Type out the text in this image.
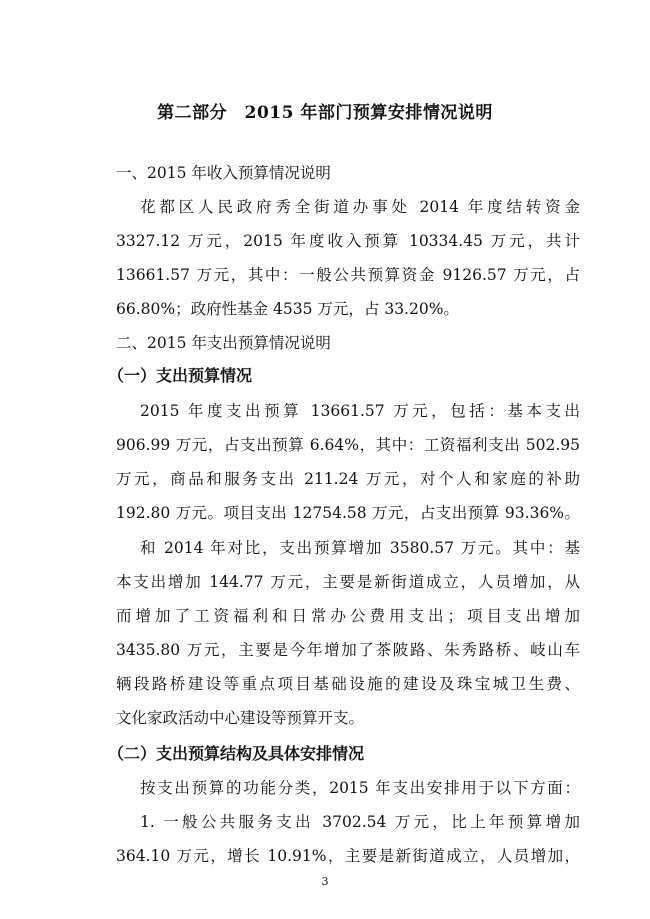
第二部分　2015 年部门预算安排情况说明
一、2015 年收入预算情况说明
花都区人民政府秀全街道办事处 2014 年度结转资金
3327.12 万元，2015 年度收入预算 10334.45 万元，共计
13661.57 万元，其中：一般公共预算资金 9126.57 万元，占
66.80%；政府性基金 4535 万元，占 33.20%。
二、2015 年支出预算情况说明
（一）支出预算情况
2015 年度支出预算 13661.57 万元，包括：基本支出
906.99 万元，占支出预算 6.64%，其中：工资福利支出 502.95
万元，商品和服务支出 211.24 万元，对个人和家庭的补助
192.80 万元。项目支出 12754.58 万元，占支出预算 93.36%。
和 2014 年对比，支出预算增加 3580.57 万元。其中：基
本支出增加 144.77 万元，主要是新街道成立，人员增加，从
而增加了工资福利和日常办公费用支出；项目支出增加
3435.80 万元，主要是今年增加了茶陂路、朱秀路桥、岐山车
辆段路桥建设等重点项目基础设施的建设及珠宝城卫生费、
文化家政活动中心建设等预算开支。
（二）支出预算结构及具体安排情况
按支出预算的功能分类，2015 年支出安排用于以下方面：
1. 一般公共服务支出 3702.54 万元，比上年预算增加
364.10 万元，增长 10.91%，主要是新街道成立，人员增加，
3
